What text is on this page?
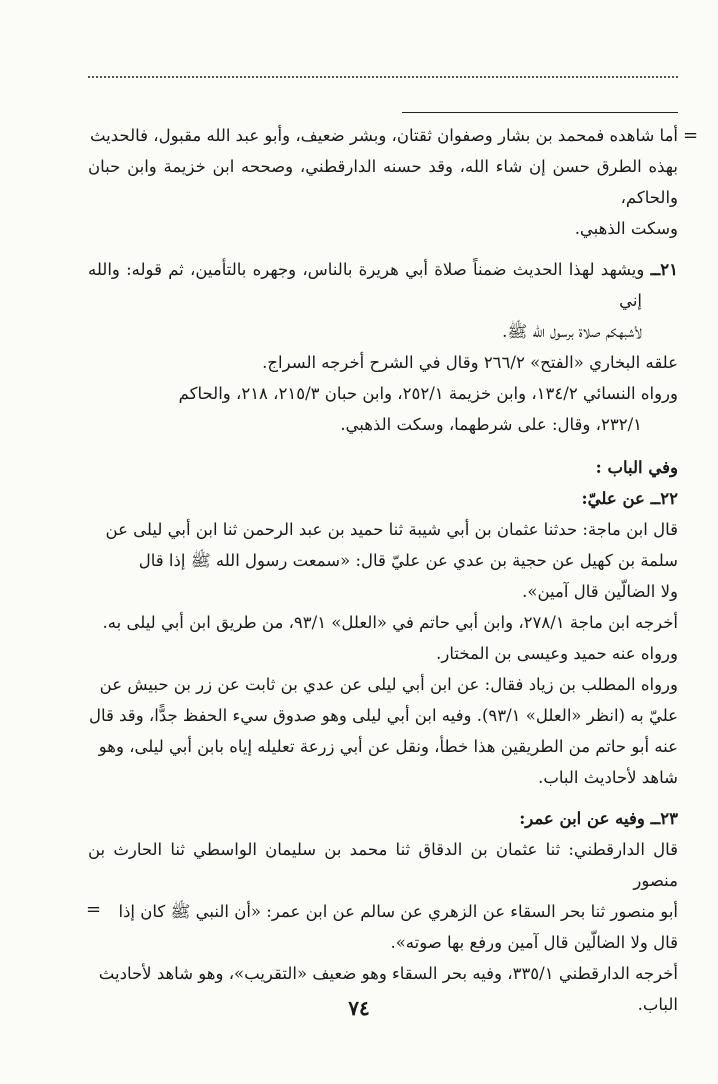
=

أما شاهده فمحمد بن بشار وصفوان ثقتان، وبشر ضعيف، وأبو عبد الله مقبول، فالحديث

بهذه الطرق حسن إن شاء الله، وقد حسنه الدارقطني، وصححه ابن خزيمة وابن حبان والحاكم،

وسكت الذهبي.

٢١ــ ويشهد لهذا الحديث ضمناً صلاة أبي هريرة بالناس، وجهره بالتأمين، ثم قوله: والله إني

لأشبهكم صلاة برسول الله ﷺ.

علقه البخاري «الفتح» ٢٦٦/٢ وقال في الشرح أخرجه السراج.

ورواه النسائي ١٣٤/٢، وابن خزيمة ٢٥٢/١، وابن حبان ٢١٥/٣، ٢١٨، والحاكم

٢٣٢/١، وقال: على شرطهما، وسكت الذهبي.

وفي الباب :

٢٢ــ عن عليّ:

قال ابن ماجة: حدثنا عثمان بن أبي شيبة ثنا حميد بن عبد الرحمن ثنا ابن أبي ليلى عن

سلمة بن كهيل عن حجية بن عدي عن عليّ قال: «سمعت رسول الله ﷺ إذا قال

ولا الضالّين قال آمين».

أخرجه ابن ماجة ٢٧٨/١، وابن أبي حاتم في «العلل» ٩٣/١، من طريق ابن أبي ليلى به.

ورواه عنه حميد وعيسى بن المختار.

ورواه المطلب بن زياد فقال: عن ابن أبي ليلى عن عدي بن ثابت عن زر بن حبيش عن

عليّ به (انظر «العلل» ٩٣/١). وفيه ابن أبي ليلى وهو صدوق سيء الحفظ جدًّا، وقد قال

عنه أبو حاتم من الطريقين هذا خطأ، ونقل عن أبي زرعة تعليله إياه بابن أبي ليلى، وهو

شاهد لأحاديث الباب.

٢٣ــ وفيه عن ابن عمر:

قال الدارقطني: ثنا عثمان بن الدقاق ثنا محمد بن سليمان الواسطي ثنا الحارث بن منصور

أبو منصور ثنا بحر السقاء عن الزهري عن سالم عن ابن عمر: «أن النبي ﷺ كان إذا

قال ولا الضالّين قال آمين ورفع بها صوته».

أخرجه الدارقطني ٣٣٥/١، وفيه بحر السقاء وهو ضعيف «التقريب»، وهو شاهد لأحاديث

الباب.

=
٧٤
